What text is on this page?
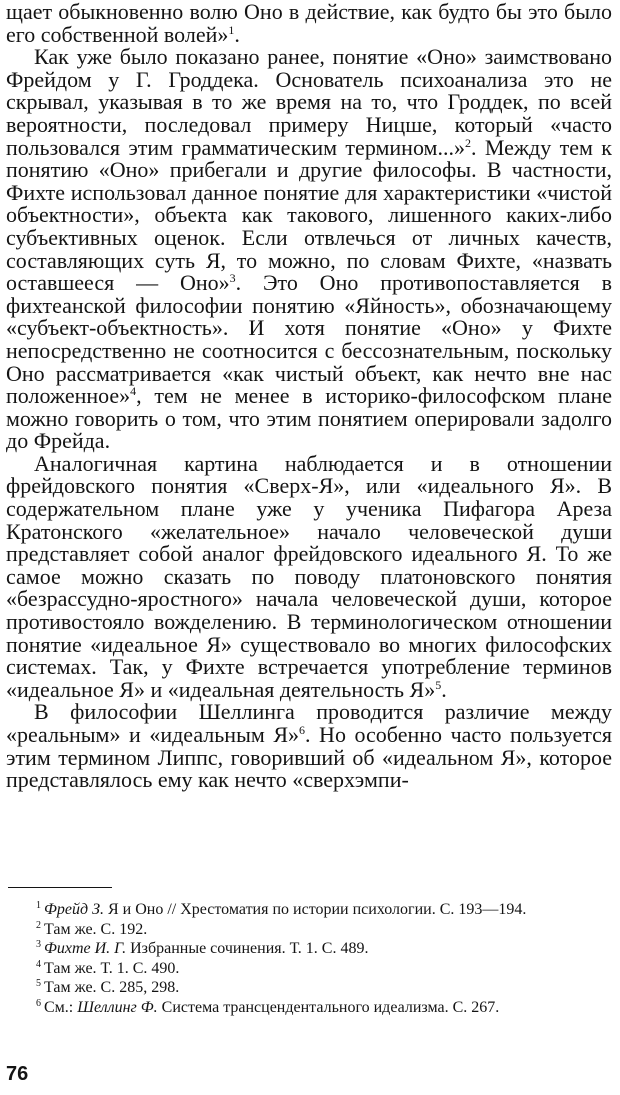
щает обыкновенно волю Оно в действие, как будто бы это было его собственной волей»$^1$.

Как уже было показано ранее, понятие «Оно» заимствовано Фрейдом у Г. Гроддека. Основатель психоанализа это не скрывал, указывая в то же время на то, что Гроддек, по всей вероятности, последовал примеру Ницше, который «часто пользовался этим грамматическим термином...»$^2$. Между тем к понятию «Оно» прибегали и другие философы. В частности, Фихте использовал данное понятие для характеристики «чистой объектности», объекта как такового, лишенного каких-либо субъективных оценок. Если отвлечься от личных качеств, составляющих суть Я, то можно, по словам Фихте, «назвать оставшееся — Оно»$^3$. Это Оно противопоставляется в фихтеанской философии понятию «Яйность», обозначающему «субъект-объектность». И хотя понятие «Оно» у Фихте непосредственно не соотносится с бессознательным, поскольку Оно рассматривается «как чистый объект, как нечто вне нас положенное»$^4$, тем не менее в историко-философском плане можно говорить о том, что этим понятием оперировали задолго до Фрейда.

Аналогичная картина наблюдается и в отношении фрейдовского понятия «Сверх-Я», или «идеального Я». В содержательном плане уже у ученика Пифагора Ареза Кратонского «желательное» начало человеческой души представляет собой аналог фрейдовского идеального Я. То же самое можно сказать по поводу платоновского понятия «безрассудно-яростного» начала человеческой души, которое противостояло вожделению. В терминологическом отношении понятие «идеальное Я» существовало во многих философских системах. Так, у Фихте встречается употребление терминов «идеальное Я» и «идеальная деятельность Я»$^5$.

В философии Шеллинга проводится различие между «реальным» и «идеальным Я»$^6$. Но особенно часто пользуется этим термином Липпс, говоривший об «идеальном Я», которое представлялось ему как нечто «сверхэмпи-

$^1$ Фрейд З. Я и Оно // Хрестоматия по истории психологии. С. 193—194.

$^2$ Там же. С. 192.

$^3$ Фихте И. Г. Избранные сочинения. Т. 1. С. 489.

$^4$ Там же. Т. 1. С. 490.

$^5$ Там же. С. 285, 298.

$^6$ См.: Шеллинг Ф. Система трансцендентального идеализма. С. 267.

76
